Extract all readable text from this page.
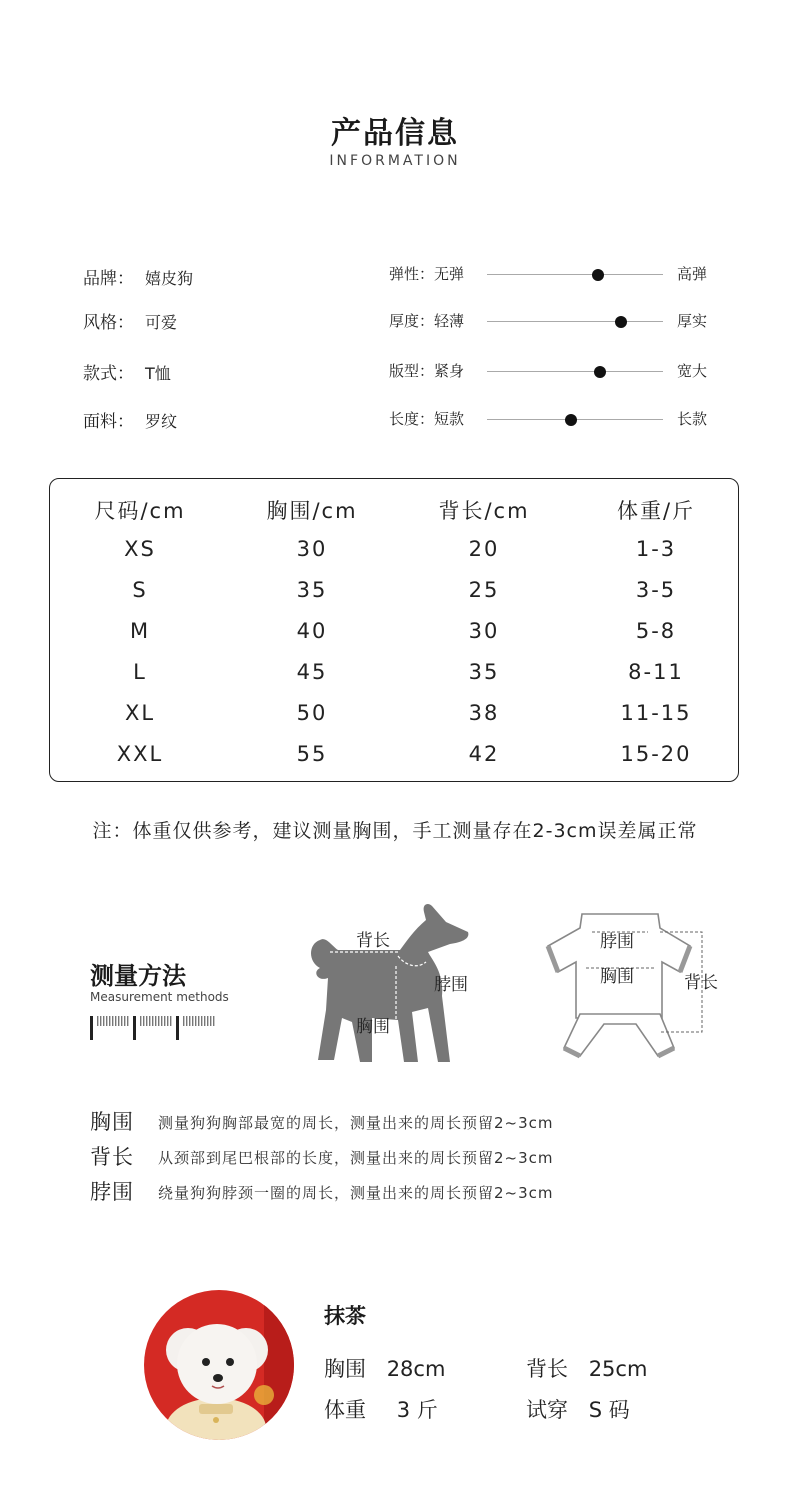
产品信息
INFORMATION
品牌： 嬉皮狗
风格： 可爱
款式： T恤
面料： 罗纹
弹性：无弹	高弹
厚度：轻薄	厚实
版型：紧身	宽大
长度：短款	长款
尺码/cm	胸围/cm	背长/cm	体重/斤
XS	30	20	1-3
S	35	25	3-5
M	40	30	5-8
L	45	35	8-11
XL	50	38	11-15
XXL	55	42	15-20
注：体重仅供参考，建议测量胸围，手工测量存在2-3cm误差属正常
测量方法
Measurement methods
背长
脖围
胸围
脖围
胸围	背长
胸围 测量狗狗胸部最宽的周长，测量出来的周长预留2~3cm
背长 从颈部到尾巴根部的长度，测量出来的周长预留2~3cm
脖围 绕量狗狗脖颈一圈的周长，测量出来的周长预留2~3cm
抹茶
胸围 28cm	背长 25cm
体重 3 斤	试穿 S 码
